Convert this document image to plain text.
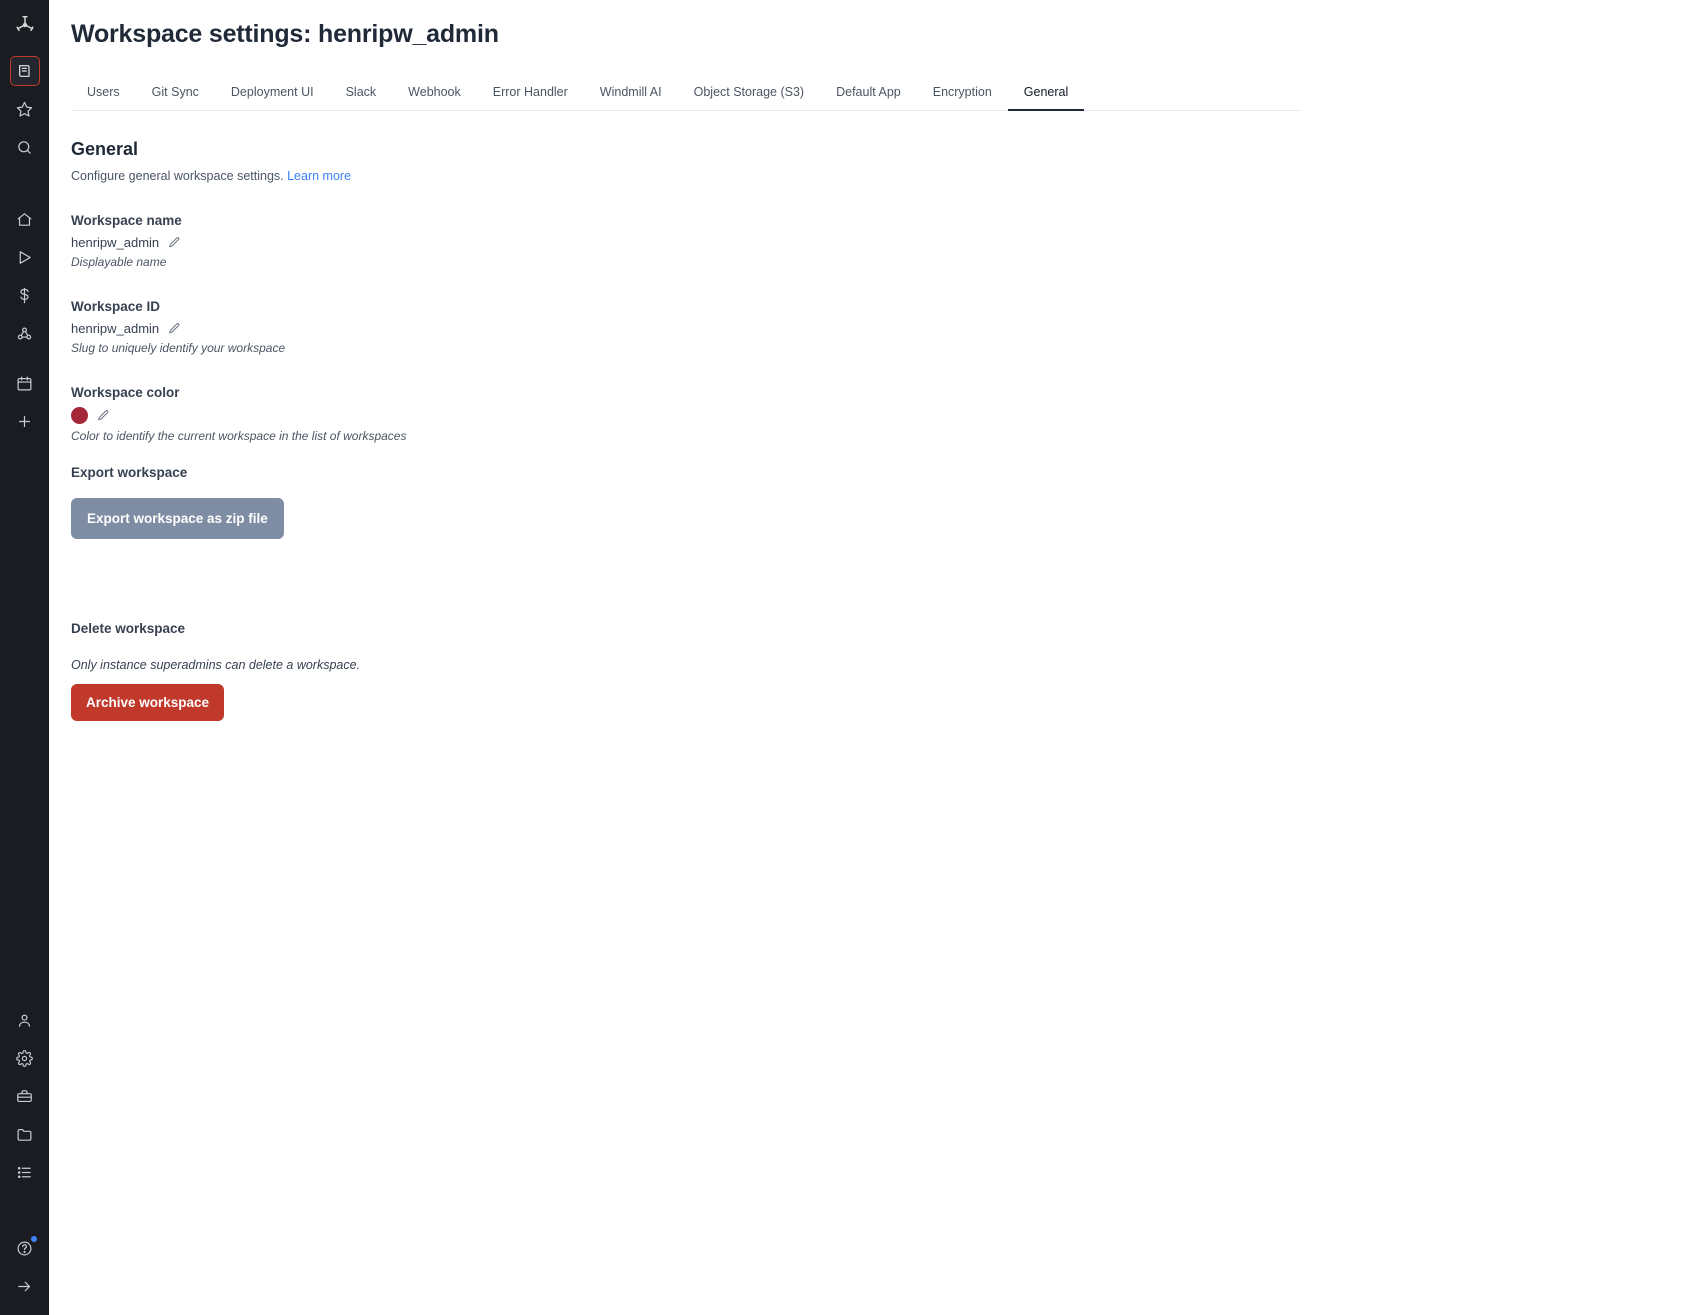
Workspace settings: henripw_admin
Users	Git Sync	Deployment UI	Slack	Webhook	Error Handler	Windmill AI	Object Storage (S3)	Default App	Encryption	General
General
Configure general workspace settings. Learn more
Workspace name
henripw_admin
Displayable name
Workspace ID
henripw_admin
Slug to uniquely identify your workspace
Workspace color
Color to identify the current workspace in the list of workspaces
Export workspace
Export workspace as zip file
Delete workspace
Only instance superadmins can delete a workspace.
Archive workspace
